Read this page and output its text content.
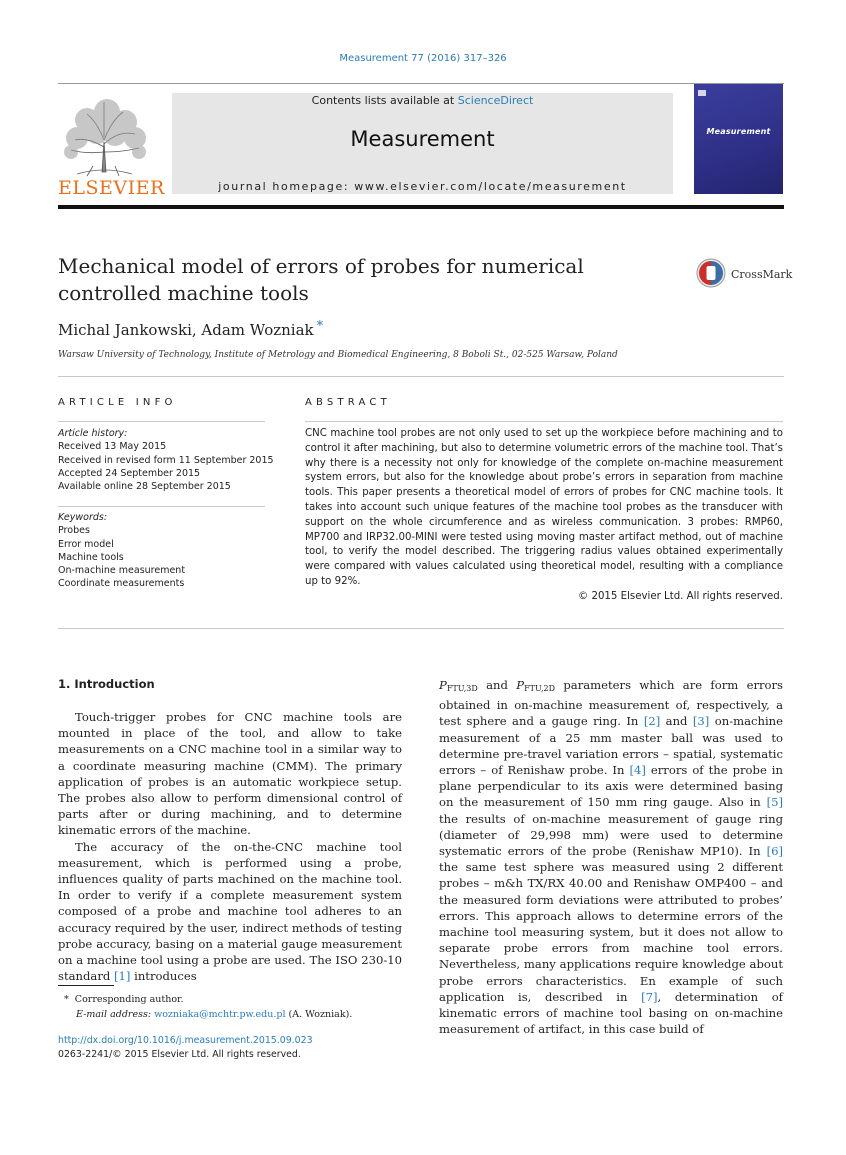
Measurement 77 (2016) 317–326
ELSEVIER
Contents lists available at ScienceDirect
Measurement
journal homepage: www.elsevier.com/locate/measurement
Measurement
Mechanical model of errors of probes for numerical controlled machine tools
CrossMark
Michal Jankowski, Adam Wozniak *
Warsaw University of Technology, Institute of Metrology and Biomedical Engineering, 8 Boboli St., 02-525 Warsaw, Poland
ARTICLE INFO
Article history:
Received 13 May 2015
Received in revised form 11 September 2015
Accepted 24 September 2015
Available online 28 September 2015
Keywords:
Probes
Error model
Machine tools
On-machine measurement
Coordinate measurements
ABSTRACT
CNC machine tool probes are not only used to set up the workpiece before machining and to control it after machining, but also to determine volumetric errors of the machine tool. That’s why there is a necessity not only for knowledge of the complete on-machine measurement system errors, but also for the knowledge about probe’s errors in separation from machine tools. This paper presents a theoretical model of errors of probes for CNC machine tools. It takes into account such unique features of the machine tool probes as the transducer with support on the whole circumference and as wireless communication. 3 probes: RMP60, MP700 and IRP32.00-MINI were tested using moving master artifact method, out of machine tool, to verify the model described. The triggering radius values obtained experimentally were compared with values calculated using theoretical model, resulting with a compliance up to 92%.
© 2015 Elsevier Ltd. All rights reserved.
1. Introduction

Touch-trigger probes for CNC machine tools are mounted in place of the tool, and allow to take measurements on a CNC machine tool in a similar way to a coordinate measuring machine (CMM). The primary application of probes is an automatic workpiece setup. The probes also allow to perform dimensional control of parts after or during machining, and to determine kinematic errors of the machine.

The accuracy of the on-the-CNC machine tool measurement, which is performed using a probe, influences quality of parts machined on the machine tool. In order to verify if a complete measurement system composed of a probe and machine tool adheres to an accuracy required by the user, indirect methods of testing probe accuracy, basing on a material gauge measurement on a machine tool using a probe are used. The ISO 230-10 standard [1] introduces

$P_{FTU,3D}$ and $P_{FTU,2D}$ parameters which are form errors obtained in on-machine measurement of, respectively, a test sphere and a gauge ring. In [2] and [3] on-machine measurement of a 25 mm master ball was used to determine pre-travel variation errors – spatial, systematic errors – of Renishaw probe. In [4] errors of the probe in plane perpendicular to its axis were determined basing on the measurement of 150 mm ring gauge. Also in [5] the results of on-machine measurement of gauge ring (diameter of 29,998 mm) were used to determine systematic errors of the probe (Renishaw MP10). In [6] the same test sphere was measured using 2 different probes – m&h TX/RX 40.00 and Renishaw OMP400 – and the measured form deviations were attributed to probes’ errors. This approach allows to determine errors of the machine tool measuring system, but it does not allow to separate probe errors from machine tool errors. Nevertheless, many applications require knowledge about probe errors characteristics. En example of such application is, described in [7], determination of kinematic errors of machine tool basing on on-machine measurement of artifact, in this case build of

* Corresponding author.
E-mail address: wozniaka@mchtr.pw.edu.pl (A. Wozniak).
http://dx.doi.org/10.1016/j.measurement.2015.09.023
0263-2241/© 2015 Elsevier Ltd. All rights reserved.
